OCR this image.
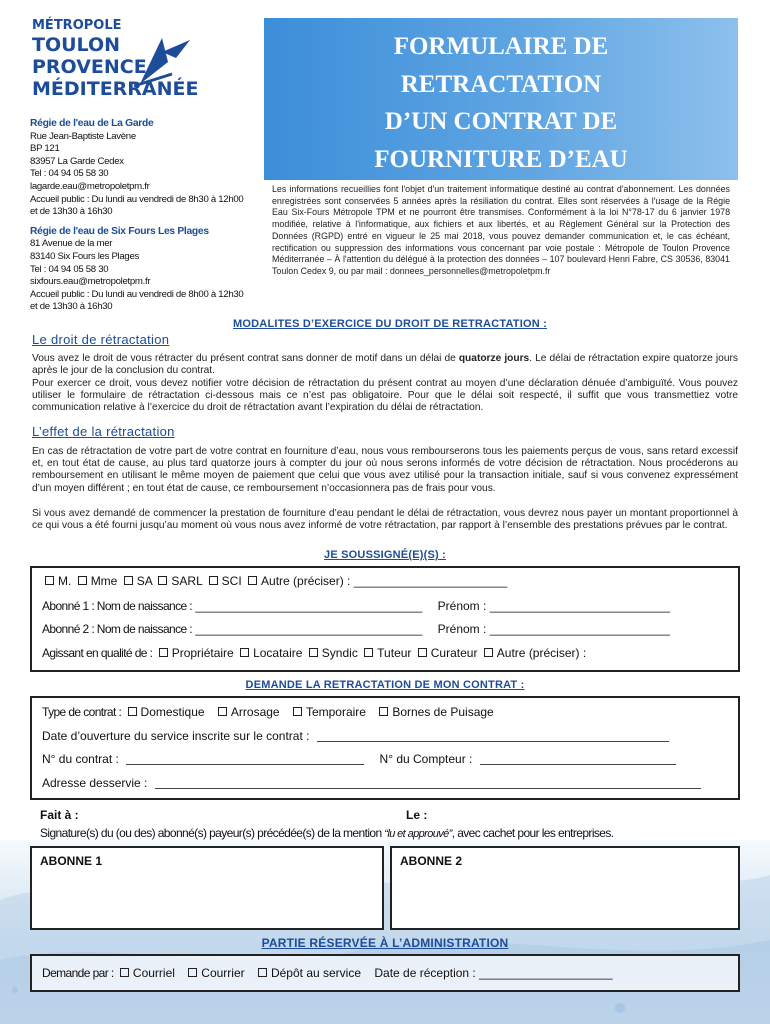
MÉTROPOLE
TOULON
PROVENCE
MÉDITERRANÉE
Régie de l'eau de La Garde
Rue Jean-Baptiste Lavène
BP 121
83957 La Garde Cedex
Tel : 04 94 05 58 30
lagarde.eau@metropoletpm.fr
Accueil public : Du lundi au vendredi de 8h30 à 12h00
et de 13h30 à 16h30
Régie de l'eau de Six Fours Les Plages
81 Avenue de la mer
83140 Six Fours les Plages
Tel : 04 94 05 58 30
sixfours.eau@metropoletpm.fr
Accueil public : Du lundi au vendredi de 8h00 à 12h30
et de 13h30 à 16h30
FORMULAIRE DE
RETRACTATION
D’UN CONTRAT DE
FOURNITURE D’EAU
Les informations recueillies font l'objet d'un traitement informatique destiné au contrat d'abonnement. Les données enregistrées sont conservées 5 années après la résiliation du contrat. Elles sont réservées à l'usage de la Régie Eau Six-Fours Métropole TPM et ne pourront être transmises. Conformément à la loi N°78-17 du 6 janvier 1978 modifiée, relative à l'informatique, aux fichiers et aux libertés, et au Règlement Général sur la Protection des Données (RGPD) entré en vigueur le 25 mai 2018, vous pouvez demander communication et, le cas échéant, rectification ou suppression des informations vous concernant par voie postale : Métropole de Toulon Provence Méditerranée – À l'attention du délégué à la protection des données – 107 boulevard Henri Fabre, CS 30536, 83041 Toulon Cedex 9, ou par mail : donnees_personnelles@metropoletpm.fr
MODALITES D’EXERCICE DU DROIT DE RETRACTATION :
Le droit de rétractation
Vous avez le droit de vous rétracter du présent contrat sans donner de motif dans un délai de quatorze jours. Le délai de rétractation expire quatorze jours après le jour de la conclusion du contrat.
Pour exercer ce droit, vous devez notifier votre décision de rétractation du présent contrat au moyen d’une déclaration dénuée d’ambiguïté. Vous pouvez utiliser le formulaire de rétractation ci-dessous mais ce n’est pas obligatoire. Pour que le délai soit respecté, il suffit que vous transmettiez votre communication relative à l’exercice du droit de rétractation avant l’expiration du délai de rétractation.
L’effet de la rétractation
En cas de rétractation de votre part de votre contrat en fourniture d’eau, nous vous rembourserons tous les paiements perçus de vous, sans retard excessif et, en tout état de cause, au plus tard quatorze jours à compter du jour où nous serons informés de votre décision de rétractation. Nous procéderons au remboursement en utilisant le même moyen de paiement que celui que vous avez utilisé pour la transaction initiale, sauf si vous convenez expressément d’un moyen différent ; en tout état de cause, ce remboursement n’occasionnera pas de frais pour vous.
Si vous avez demandé de commencer la prestation de fourniture d’eau pendant le délai de rétractation, vous devrez nous payer un montant proportionnel à ce qui vous a été fourni jusqu’au moment où vous nous avez informé de votre rétractation, par rapport à l’ensemble des prestations prévues par le contrat.
JE SOUSSIGNÉ(E)(S) :
M. Mme SA SARL SCI Autre (préciser) : _______________________
Abonné 1 : Nom de naissance : __________________________________ Prénom : ___________________________
Abonné 2 : Nom de naissance : __________________________________ Prénom : ___________________________
Agissant en qualité de : Propriétaire Locataire Syndic Tuteur Curateur Autre (préciser) :
DEMANDE LA RETRACTATION DE MON CONTRAT :
Type de contrat : Domestique Arrosage Temporaire Bornes de Puisage
Date d’ouverture du service inscrite sur le contrat :
N° du contrat :	N° du Compteur :
Adresse desservie :
Fait à :	Le :
Signature(s) du (ou des) abonné(s) payeur(s) précédée(s) de la mention “lu et approuvé”, avec cachet pour les entreprises.
ABONNE 1	ABONNE 2
PARTIE RÉSERVÉE À L’ADMINISTRATION
Demande par : Courriel Courrier Dépôt au service Date de réception : ____________________
